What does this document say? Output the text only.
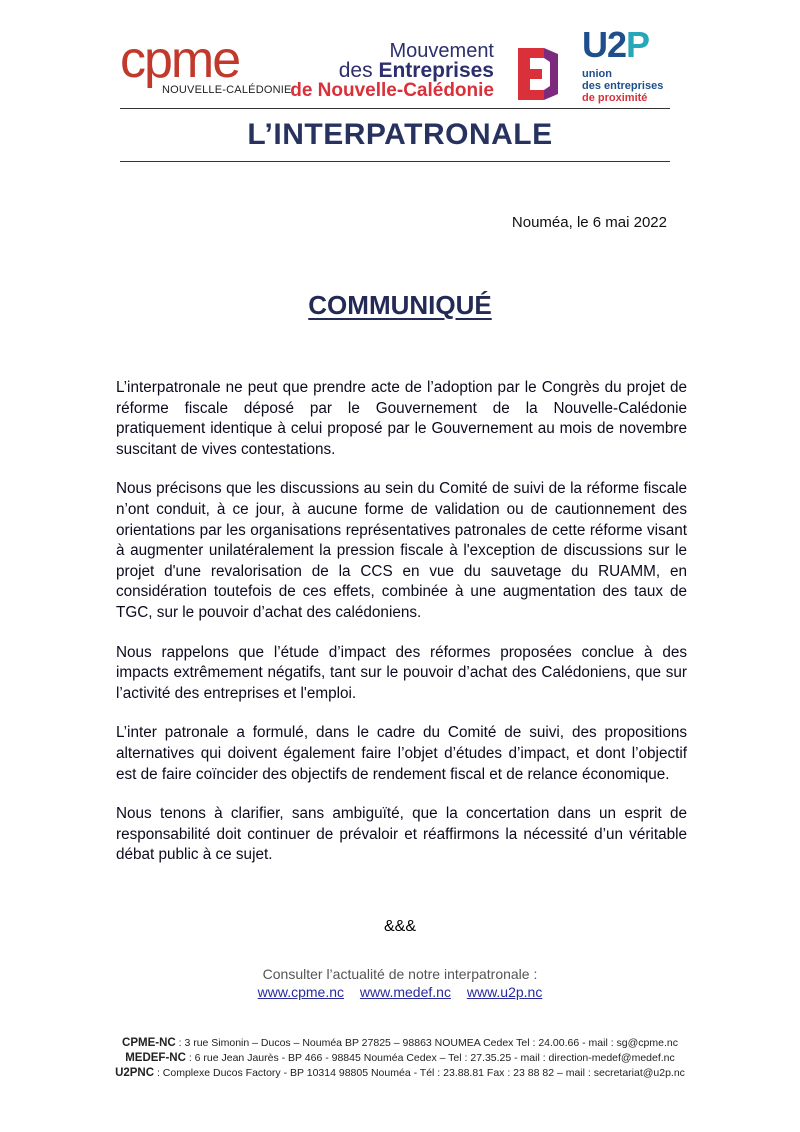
cpme
NOUVELLE-CALÉDONIE
Mouvement
des Entreprises
de Nouvelle-Calédonie
U2P
union
des entreprises
de proximité
L’INTERPATRONALE
Nouméa, le 6 mai 2022
COMMUNIQUÉ

L’interpatronale ne peut que prendre acte de l’adoption par le Congrès du projet de réforme fiscale déposé par le Gouvernement de la Nouvelle-Calédonie pratiquement identique à celui proposé par le Gouvernement au mois de novembre suscitant de vives contestations.

Nous précisons que les discussions au sein du Comité de suivi de la réforme fiscale n’ont conduit, à ce jour, à aucune forme de validation ou de cautionnement des orientations par les organisations représentatives patronales de cette réforme visant à augmenter unilatéralement la pression fiscale à l'exception de discussions sur le projet d'une revalorisation de la CCS en vue du sauvetage du RUAMM, en considération toutefois de ces effets, combinée à une augmentation des taux de TGC, sur le pouvoir d’achat des calédoniens.

Nous rappelons que l’étude d’impact des réformes proposées conclue à des impacts extrêmement négatifs, tant sur le pouvoir d’achat des Calédoniens, que sur l’activité des entreprises et l'emploi.

L’inter patronale a formulé, dans le cadre du Comité de suivi, des propositions alternatives qui doivent également faire l’objet d’études d’impact, et dont l’objectif est de faire coïncider des objectifs de rendement fiscal et de relance économique.

Nous tenons à clarifier, sans ambiguïté, que la concertation dans un esprit de responsabilité doit continuer de prévaloir et réaffirmons la nécessité d’un véritable débat public à ce sujet.

&&&
Consulter l’actualité de notre interpatronale :
www.cpme.nc www.medef.nc www.u2p.nc
CPME-NC : 3 rue Simonin – Ducos – Nouméa BP 27825 – 98863 NOUMEA Cedex Tel : 24.00.66 - mail : sg@cpme.nc
MEDEF-NC : 6 rue Jean Jaurès - BP 466 - 98845 Nouméa Cedex – Tel : 27.35.25 - mail : direction-medef@medef.nc
U2PNC : Complexe Ducos Factory - BP 10314 98805 Nouméa - Tél : 23.88.81 Fax : 23 88 82 – mail : secretariat@u2p.nc
